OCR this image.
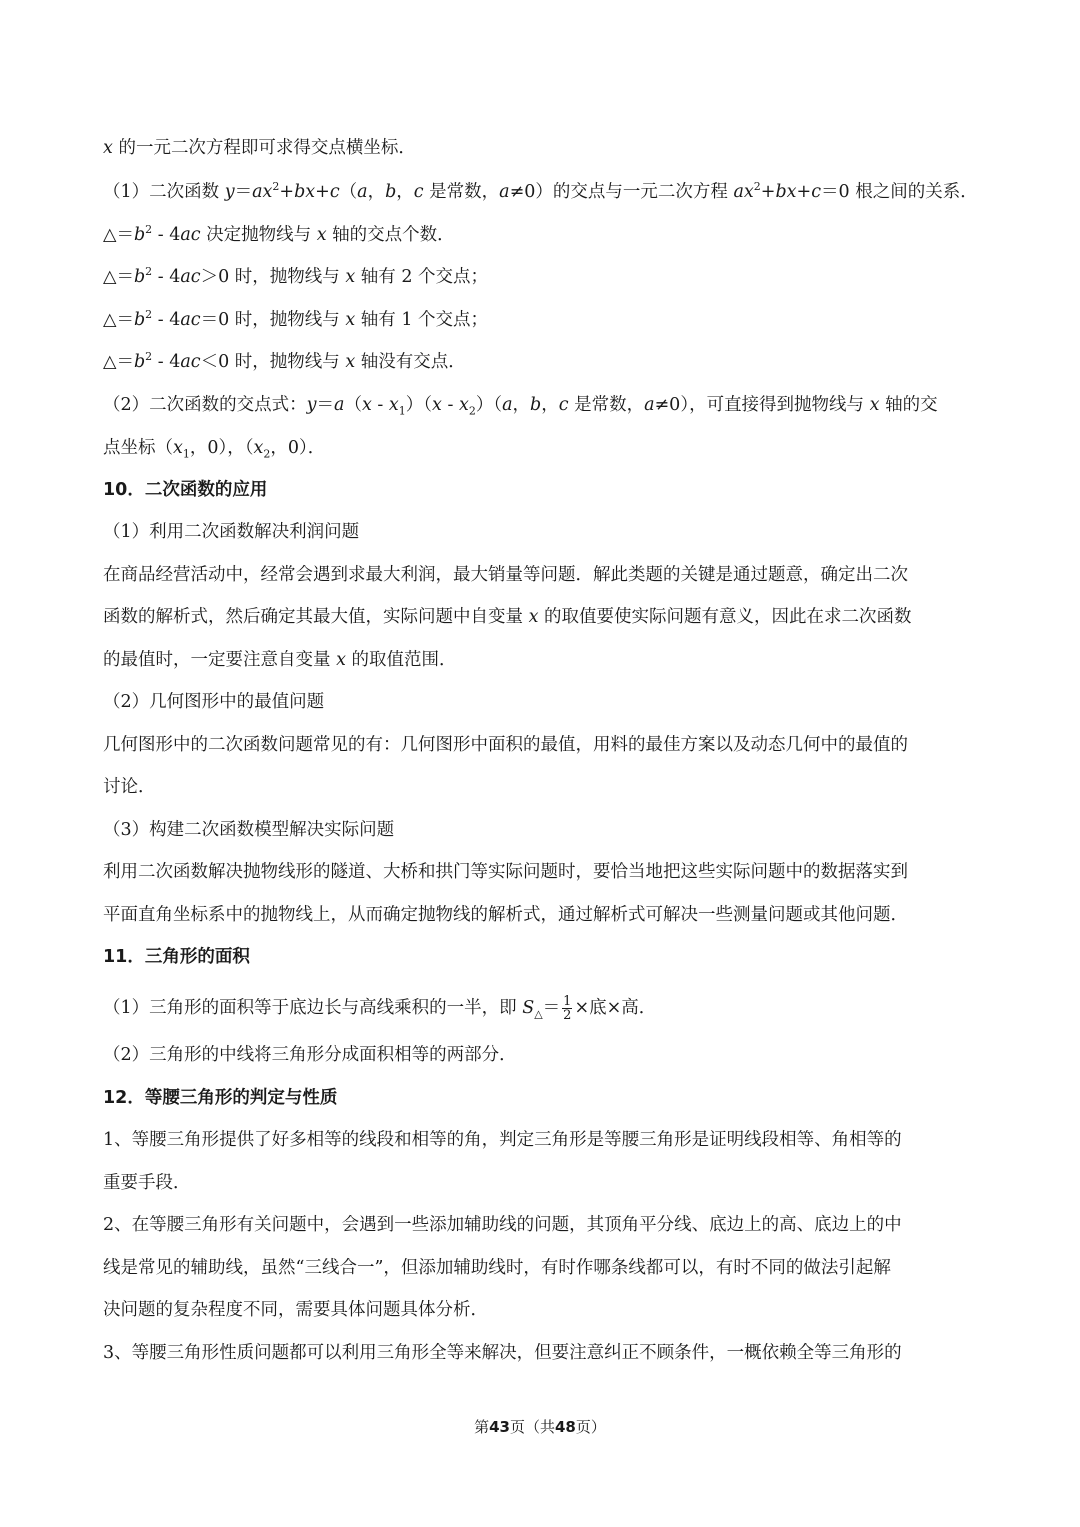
x 的一元二次方程即可求得交点横坐标．
（1）二次函数 $y=ax^2+bx+c(a$，b，c 是常数，a≠0）的交点与一元二次方程 $ax^2+bx+c=0$ 根之间的关系．
$\triangle=b^2 - 4ac$ 决定抛物线与 x 轴的交点个数．
$\triangle=b^2 - 4ac>0$ 时，抛物线与 x 轴有 2 个交点；
$\triangle=b^2 - 4ac=0$ 时，抛物线与 x 轴有 1 个交点；
$\triangle=b^2 - 4ac<0$ 时，抛物线与 x 轴没有交点．
（2）二次函数的交点式：$y=a(x - x_1)(x - x_2)(a$，b，c 是常数，a≠0），可直接得到抛物线与 x 轴的交
点坐标（$x_1$，0），（$x_2$，0）．
10．二次函数的应用
（1）利用二次函数解决利润问题
在商品经营活动中，经常会遇到求最大利润，最大销量等问题．解此类题的关键是通过题意，确定出二次
函数的解析式，然后确定其最大值，实际问题中自变量 x 的取值要使实际问题有意义，因此在求二次函数
的最值时，一定要注意自变量 x 的取值范围．
（2）几何图形中的最值问题
几何图形中的二次函数问题常见的有：几何图形中面积的最值，用料的最佳方案以及动态几何中的最值的
讨论．
（3）构建二次函数模型解决实际问题
利用二次函数解决抛物线形的隧道、大桥和拱门等实际问题时，要恰当地把这些实际问题中的数据落实到
平面直角坐标系中的抛物线上，从而确定抛物线的解析式，通过解析式可解决一些测量问题或其他问题．
11．三角形的面积
（1）三角形的面积等于底边长与高线乘积的一半，即 $S_\triangle= \frac{1}{2}$ ×底×高．
（2）三角形的中线将三角形分成面积相等的两部分．
12．等腰三角形的判定与性质
1、等腰三角形提供了好多相等的线段和相等的角，判定三角形是等腰三角形是证明线段相等、角相等的
重要手段．
2、在等腰三角形有关问题中，会遇到一些添加辅助线的问题，其顶角平分线、底边上的高、底边上的中
线是常见的辅助线，虽然“三线合一”，但添加辅助线时，有时作哪条线都可以，有时不同的做法引起解
决问题的复杂程度不同，需要具体问题具体分析．
3、等腰三角形性质问题都可以利用三角形全等来解决，但要注意纠正不顾条件，一概依赖全等三角形的
第43页（共48页）
